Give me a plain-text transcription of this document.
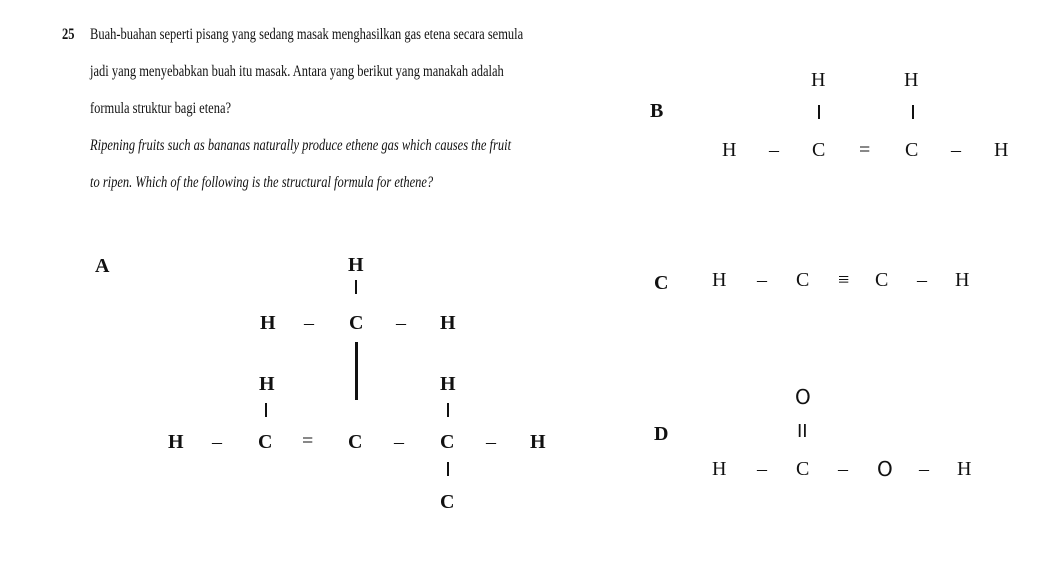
25 Buah-buahan seperti pisang yang sedang masak menghasilkan gas etena secara semula
jadi yang menyebabkan buah itu masak. Antara yang berikut yang manakah adalah
formula struktur bagi etena?
Ripening fruits such as bananas naturally produce ethene gas which causes the fruit
to ripen. Which of the following is the structural formula for ethene?
A	H
H – C – H
H	H
H – C = C – C – H
C
B
H	H
H – C = C – H
C H – C ≡ C – H
D
O
II
H – C – O – H
